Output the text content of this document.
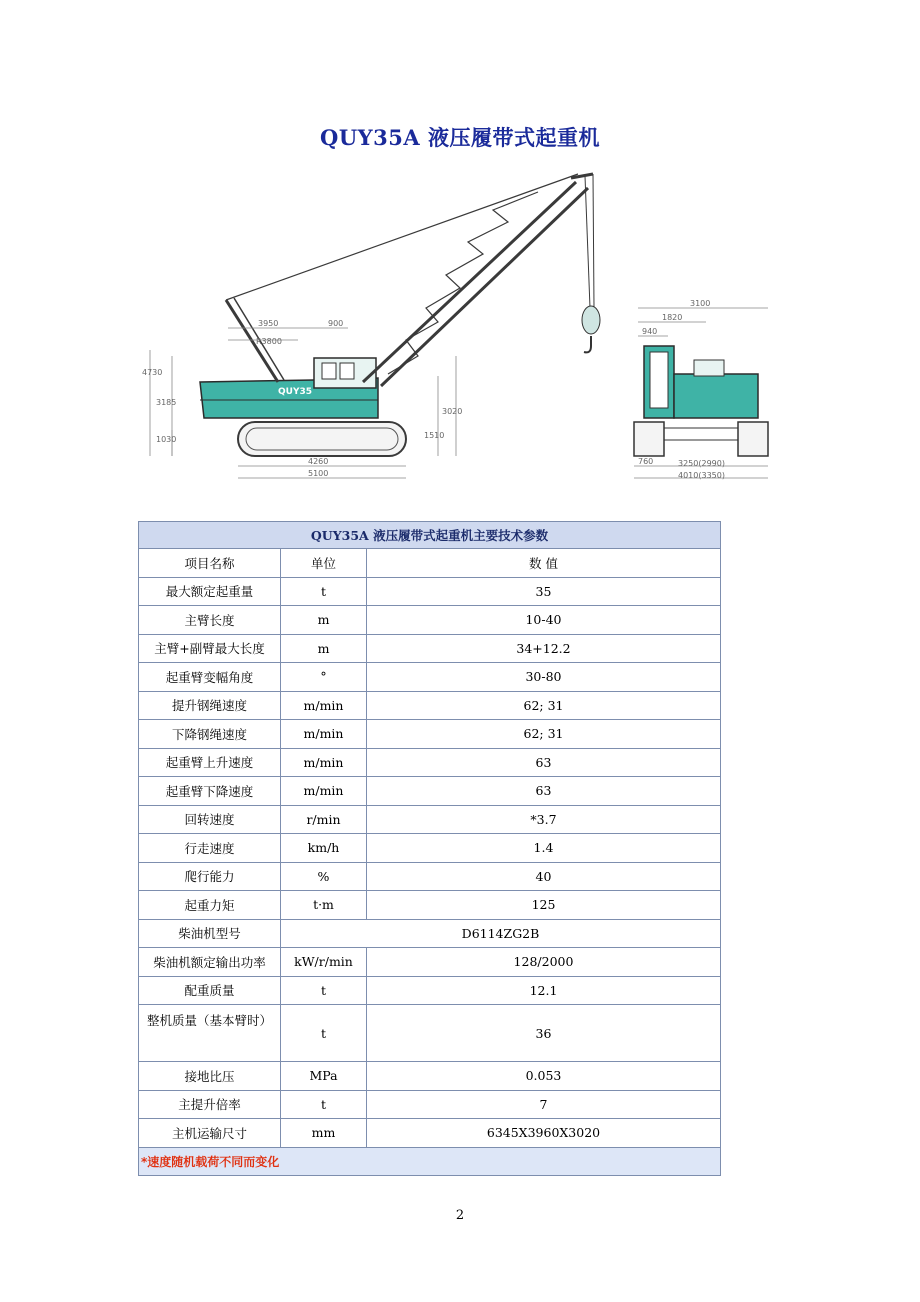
QUY35A 液压履带式起重机
QUY35
3950	900
R3800
4730
3185
1030
4260
5100
1510
3020
3100
1820
940
760	3250(2990)
4010(3350)
QUY35A 液压履带式起重机主要技术参数		
项目名称	单位	数 值
最大额定起重量	t	35
主臂长度	m	10-40
主臂+副臂最大长度	m	34+12.2
起重臂变幅角度	°	30-80
提升钢绳速度	m/min	62; 31
下降钢绳速度	m/min	62; 31
起重臂上升速度	m/min	63
起重臂下降速度	m/min	63
回转速度	r/min	*3.7
行走速度	km/h	1.4
爬行能力	%	40
起重力矩	t·m	125
柴油机型号	D6114ZG2B	
柴油机额定输出功率	kW/r/min	128/2000
配重质量	t	12.1
整机质量（基本臂时）	t	36
接地比压	MPa	0.053
主提升倍率	t	7
主机运输尺寸	mm	6345X3960X3020
*速度随机载荷不同而变化		
2
